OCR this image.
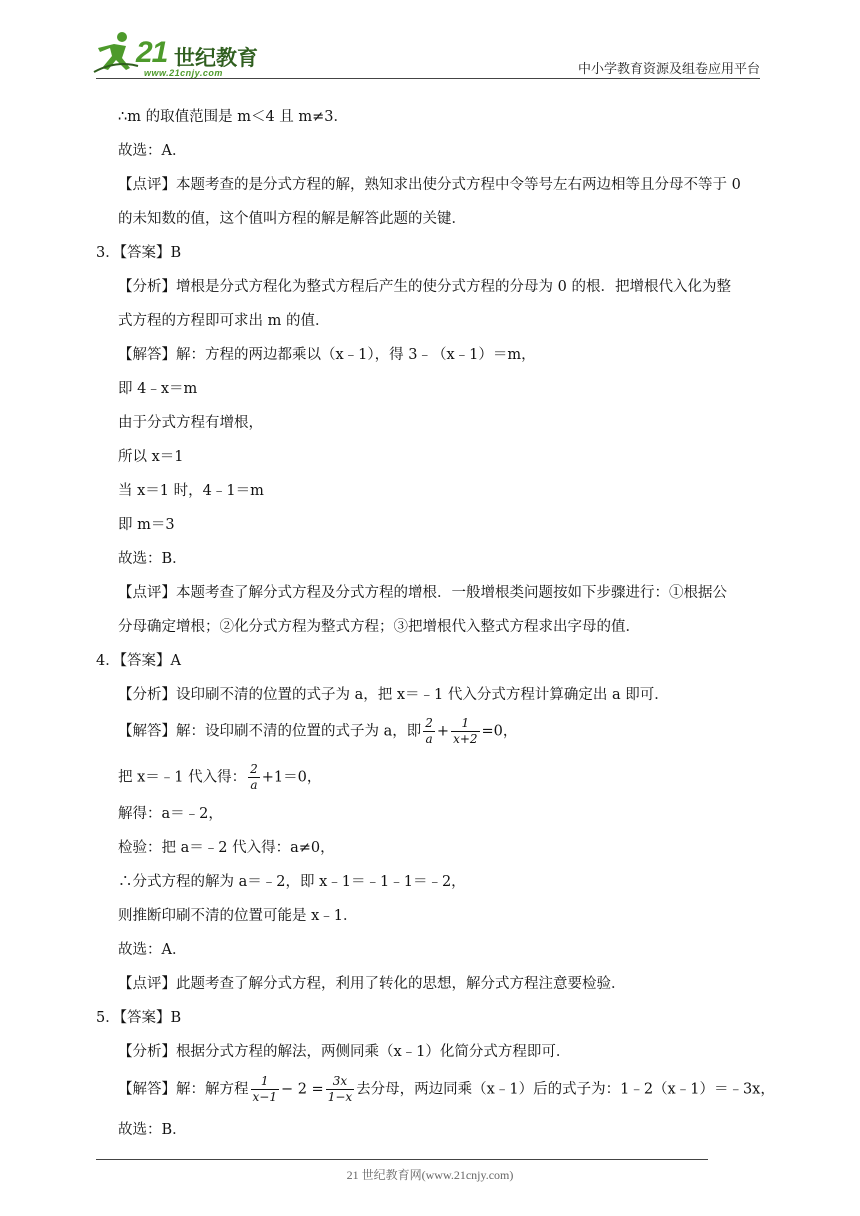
21 世纪教育
www.21cnjy.com	中小学教育资源及组卷应用平台
∴m 的取值范围是 m＜4 且 m≠3．
故选：A．
【点评】本题考查的是分式方程的解，熟知求出使分式方程中令等号左右两边相等且分母不等于 0
的未知数的值，这个值叫方程的解是解答此题的关键．
3．【答案】B
【分析】增根是分式方程化为整式方程后产生的使分式方程的分母为 0 的根．把增根代入化为整
式方程的方程即可求出 m 的值．
【解答】解：方程的两边都乘以（x﹣1），得 3﹣（x﹣1）＝m，
即 4﹣x＝m
由于分式方程有增根，
所以 x＝1
当 x＝1 时，4﹣1＝m
即 m＝3
故选：B．
【点评】本题考查了解分式方程及分式方程的增根．一般增根类问题按如下步骤进行：①根据公
分母确定增根；②化分式方程为整式方程；③把增根代入整式方程求出字母的值．
4．【答案】A
【分析】设印刷不清的位置的式子为 a，把 x＝﹣1 代入分式方程计算确定出 a 即可．
【解答】解：设印刷不清的位置的式子为 a，即 $\frac{2}{a} + \frac{1}{x+2} =0$，
把 x＝﹣1 代入得： $\frac{2}{a} +1=0$，
解得：a＝﹣2，
检验：把 a＝﹣2 代入得：a≠0，
∴分式方程的解为 a＝﹣2，即 x﹣1＝﹣1﹣1＝﹣2，
则推断印刷不清的位置可能是 x﹣1．
故选：A．
【点评】此题考查了解分式方程，利用了转化的思想，解分式方程注意要检验．
5．【答案】B
【分析】根据分式方程的解法，两侧同乘（x﹣1）化简分式方程即可．
【解答】解：解方程 $\frac{1}{x-1} - 2 = \frac{3x}{1-x}$ 去分母，两边同乘（x﹣1）后的式子为：1﹣2（x﹣1）＝﹣3x，
故选：B．
21 世纪教育网(www.21cnjy.com)
